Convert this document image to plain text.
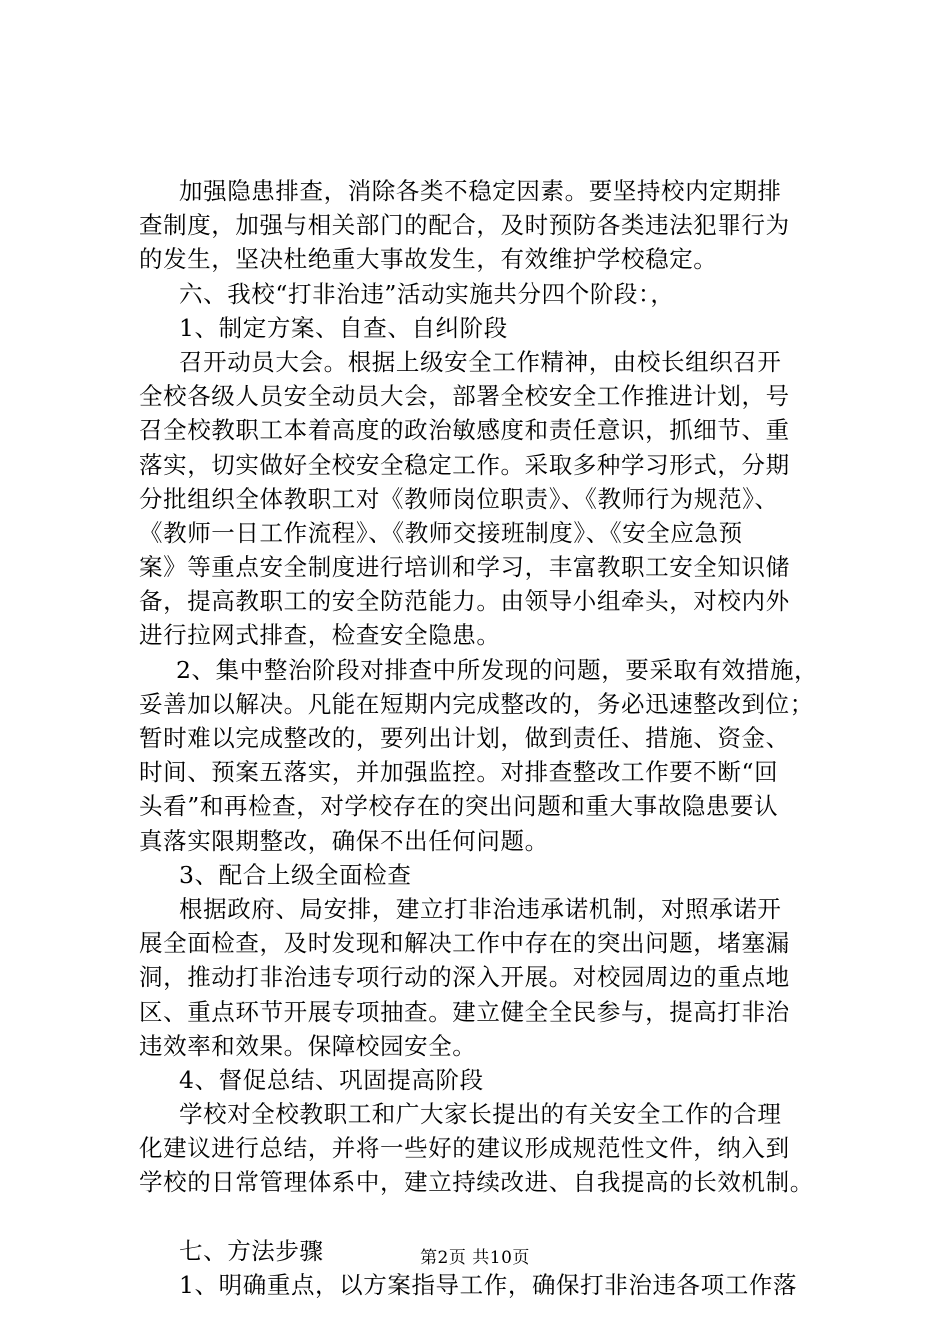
加强隐患排查，消除各类不稳定因素。要坚持校内定期排
查制度，加强与相关部门的配合，及时预防各类违法犯罪行为
的发生，坚决杜绝重大事故发生，有效维护学校稳定。
六、我校“打非治违”活动实施共分四个阶段：，
1、制定方案、自查、自纠阶段
召开动员大会。根据上级安全工作精神，由校长组织召开
全校各级人员安全动员大会，部署全校安全工作推进计划，号
召全校教职工本着高度的政治敏感度和责任意识，抓细节、重
落实，切实做好全校安全稳定工作。采取多种学习形式，分期
分批组织全体教职工对《教师岗位职责》、《教师行为规范》、
《教师一日工作流程》、《教师交接班制度》、《安全应急预
案》等重点安全制度进行培训和学习，丰富教职工安全知识储
备，提高教职工的安全防范能力。由领导小组牵头，对校内外
进行拉网式排查，检查安全隐患。
2、集中整治阶段对排查中所发现的问题，要采取有效措施，
妥善加以解决。凡能在短期内完成整改的，务必迅速整改到位；
暂时难以完成整改的，要列出计划，做到责任、措施、资金、
时间、预案五落实，并加强监控。对排查整改工作要不断“回
头看”和再检查，对学校存在的突出问题和重大事故隐患要认
真落实限期整改，确保不出任何问题。
3、配合上级全面检查
根据政府、局安排，建立打非治违承诺机制，对照承诺开
展全面检查，及时发现和解决工作中存在的突出问题，堵塞漏
洞，推动打非治违专项行动的深入开展。对校园周边的重点地
区、重点环节开展专项抽查。建立健全全民参与，提高打非治
违效率和效果。保障校园安全。
4、督促总结、巩固提高阶段
学校对全校教职工和广大家长提出的有关安全工作的合理
化建议进行总结，并将一些好的建议形成规范性文件，纳入到
学校的日常管理体系中，建立持续改进、自我提高的长效机制。
七、方法步骤
1、明确重点，以方案指导工作，确保打非治违各项工作落
第2页 共10页
